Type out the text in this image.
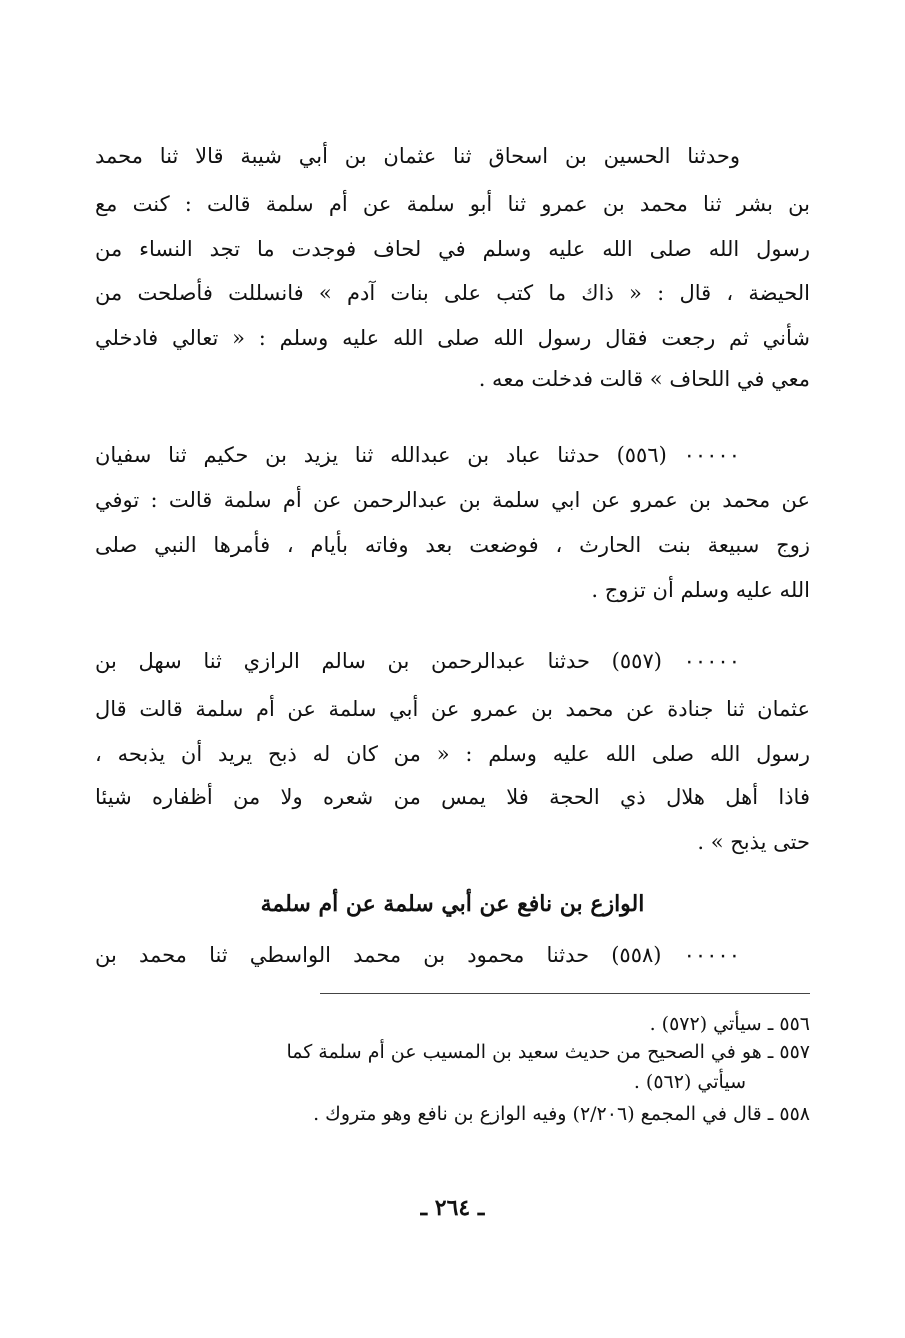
وحدثنا الحسين بن اسحاق ثنا عثمان بن أبي شيبة قالا ثنا محمد
بن بشر ثنا محمد بن عمرو ثنا أبو سلمة عن أم سلمة قالت : كنت مع
رسول الله صلى الله عليه وسلم في لحاف فوجدت ما تجد النساء من
الحيضة ، قال : « ذاك ما كتب على بنات آدم » فانسللت فأصلحت من
شأني ثم رجعت فقال رسول الله صلى الله عليه وسلم : « تعالي فادخلي
معي في اللحاف » قالت فدخلت معه .
٠٠٠٠٠ (٥٥٦) حدثنا عباد بن عبدالله ثنا يزيد بن حكيم ثنا سفيان
عن محمد بن عمرو عن ابي سلمة بن عبدالرحمن عن أم سلمة قالت : توفي
زوج سبيعة بنت الحارث ، فوضعت بعد وفاته بأيام ، فأمرها النبي صلى
الله عليه وسلم أن تزوج .
٠٠٠٠٠ (٥٥٧) حدثنا عبدالرحمن بن سالم الرازي ثنا سهل بن
عثمان ثنا جنادة عن محمد بن عمرو عن أبي سلمة عن أم سلمة قالت قال
رسول الله صلى الله عليه وسلم : « من كان له ذبح يريد أن يذبحه ،
فاذا أهل هلال ذي الحجة فلا يمس من شعره ولا من أظفاره شيئا
حتى يذبح » .
الوازع بن نافع عن أبي سلمة عن أم سلمة
٠٠٠٠٠ (٥٥٨) حدثنا محمود بن محمد الواسطي ثنا محمد بن
٥٥٦ ـ سيأتي (٥٧٢) .
٥٥٧ ـ هو في الصحيح من حديث سعيد بن المسيب عن أم سلمة كما
سيأتي (٥٦٢) .
٥٥٨ ـ قال في المجمع (٢/٢٠٦) وفيه الوازع بن نافع وهو متروك .
ـ ٢٦٤ ـ
